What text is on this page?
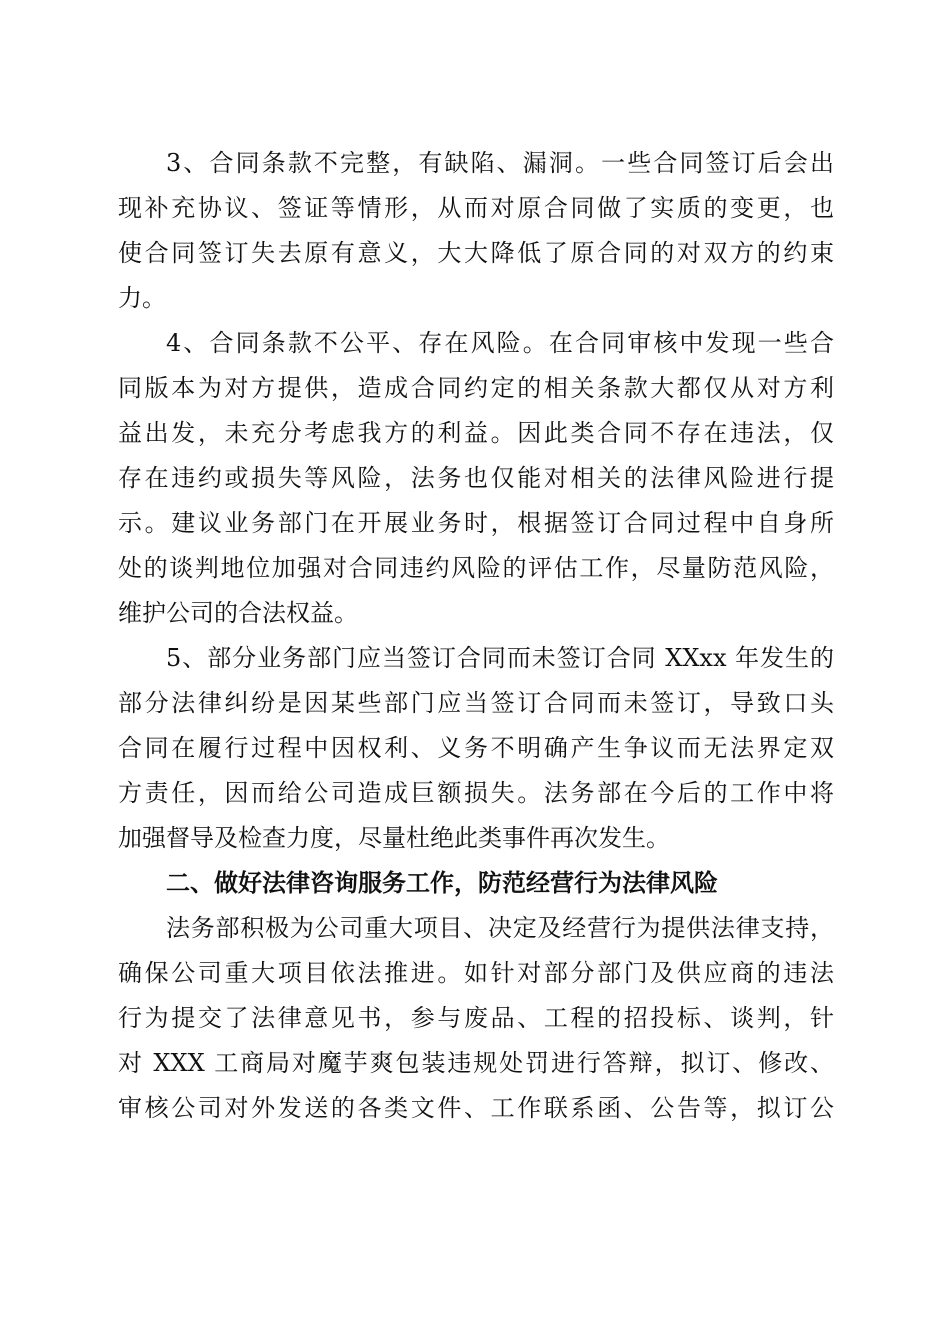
3、合同条款不完整，有缺陷、漏洞。一些合同签订后会出
现补充协议、签证等情形，从而对原合同做了实质的变更，也
使合同签订失去原有意义，大大降低了原合同的对双方的约束
力。
4、合同条款不公平、存在风险。在合同审核中发现一些合
同版本为对方提供，造成合同约定的相关条款大都仅从对方利
益出发，未充分考虑我方的利益。因此类合同不存在违法，仅
存在违约或损失等风险，法务也仅能对相关的法律风险进行提
示。建议业务部门在开展业务时，根据签订合同过程中自身所
处的谈判地位加强对合同违约风险的评估工作，尽量防范风险，
维护公司的合法权益。
5、部分业务部门应当签订合同而未签订合同 XXxx 年发生的
部分法律纠纷是因某些部门应当签订合同而未签订，导致口头
合同在履行过程中因权利、义务不明确产生争议而无法界定双
方责任，因而给公司造成巨额损失。法务部在今后的工作中将
加强督导及检查力度，尽量杜绝此类事件再次发生。
二、做好法律咨询服务工作，防范经营行为法律风险
法务部积极为公司重大项目、决定及经营行为提供法律支持，
确保公司重大项目依法推进。如针对部分部门及供应商的违法
行为提交了法律意见书，参与废品、工程的招投标、谈判，针
对 XXX 工商局对魔芋爽包装违规处罚进行答辩，拟订、修改、
审核公司对外发送的各类文件、工作联系函、公告等，拟订公
